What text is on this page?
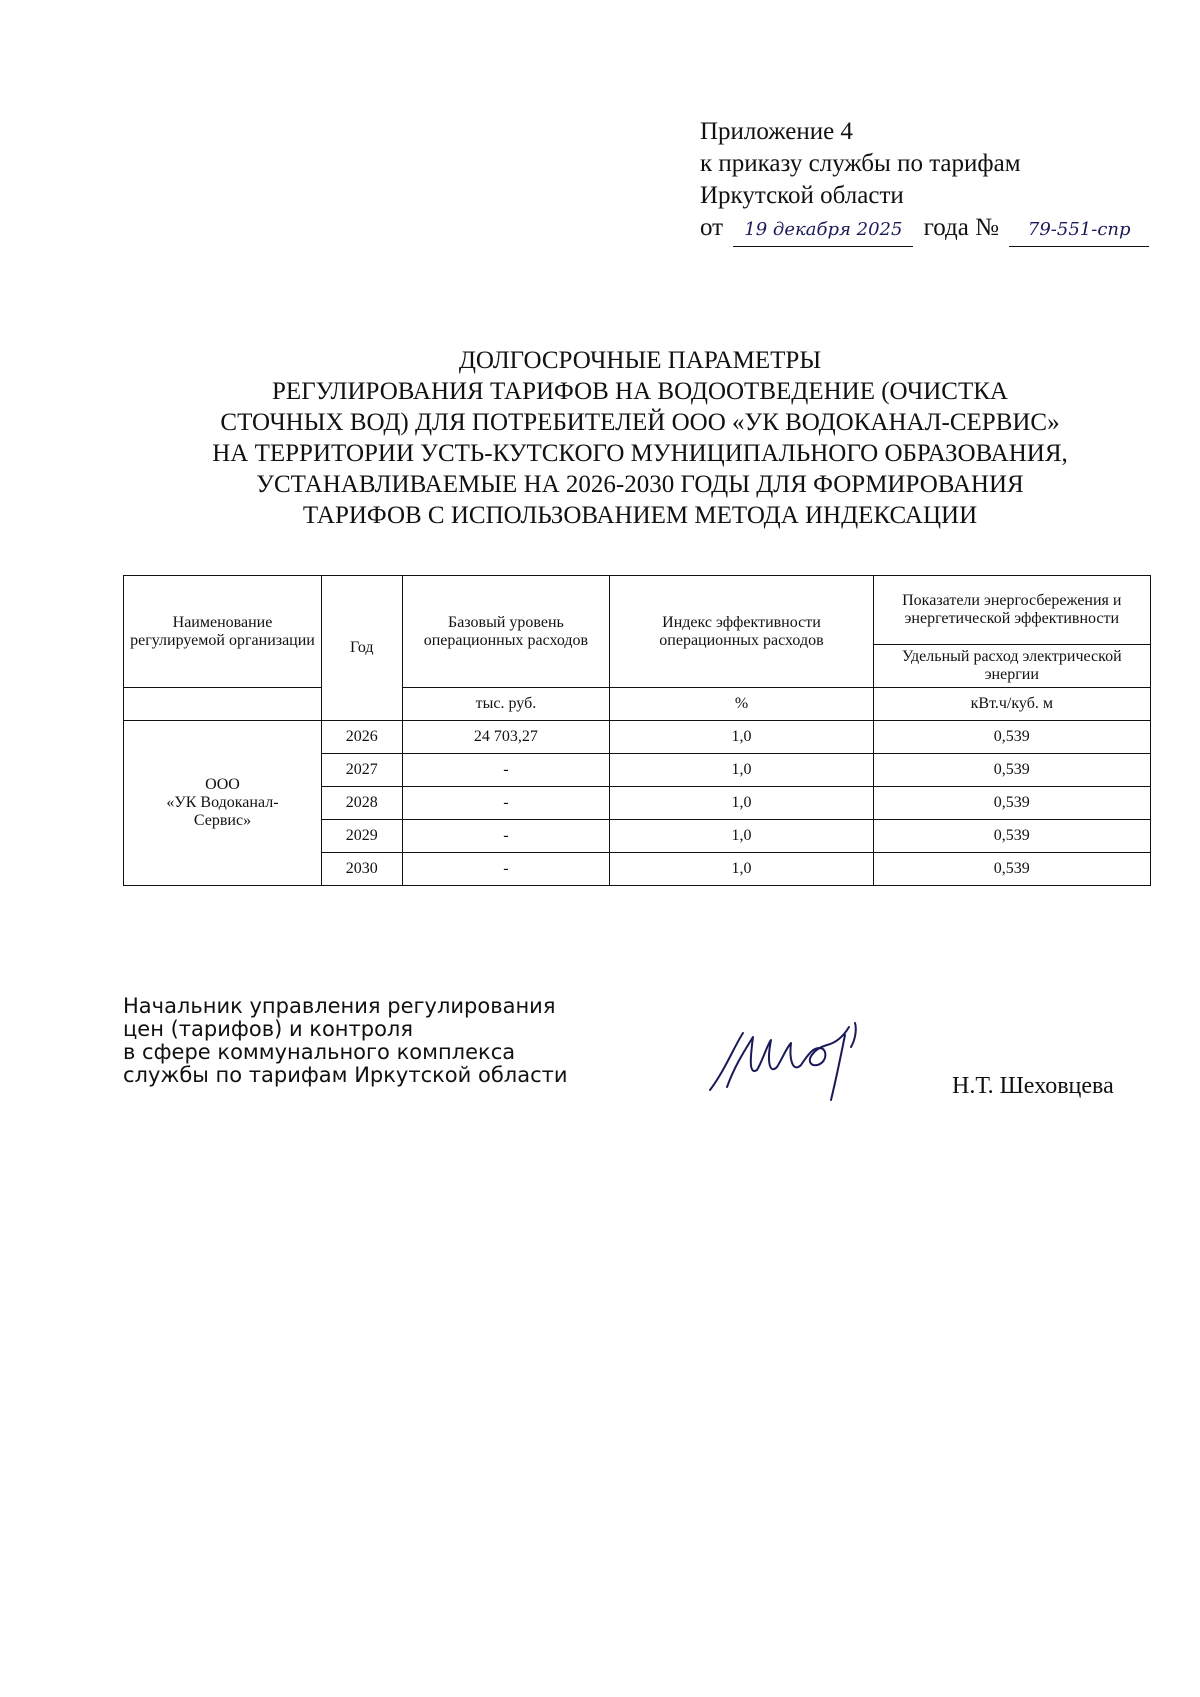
Приложение 4
к приказу службы по тарифам
Иркутской области
от 19 декабря 2025 года № 79-551-спр
ДОЛГОСРОЧНЫЕ ПАРАМЕТРЫ
РЕГУЛИРОВАНИЯ ТАРИФОВ НА ВОДООТВЕДЕНИЕ (ОЧИСТКА
СТОЧНЫХ ВОД) ДЛЯ ПОТРЕБИТЕЛЕЙ ООО «УК ВОДОКАНАЛ-СЕРВИС»
НА ТЕРРИТОРИИ УСТЬ-КУТСКОГО МУНИЦИПАЛЬНОГО ОБРАЗОВАНИЯ,
УСТАНАВЛИВАЕМЫЕ НА 2026-2030 ГОДЫ ДЛЯ ФОРМИРОВАНИЯ
ТАРИФОВ С ИСПОЛЬЗОВАНИЕМ МЕТОДА ИНДЕКСАЦИИ
Наименование регулируемой организации	Год	Базовый уровень операционных расходов	Индекс эффективности операционных расходов	Показатели энергосбережения и энергетической эффективности
				Удельный расход электрической энергии
		тыс. руб.	%	кВт.ч/куб. м

ООО
«УК Водоканал-
Сервис»	2026	24 703,27	1,0	0,539
	2027	-	1,0	0,539
	2028	-	1,0	0,539
	2029	-	1,0	0,539
	2030	-	1,0	0,539
Начальник управления регулирования
цен (тарифов) и контроля
в сфере коммунального комплекса
службы по тарифам Иркутской области	Н.Т. Шеховцева
